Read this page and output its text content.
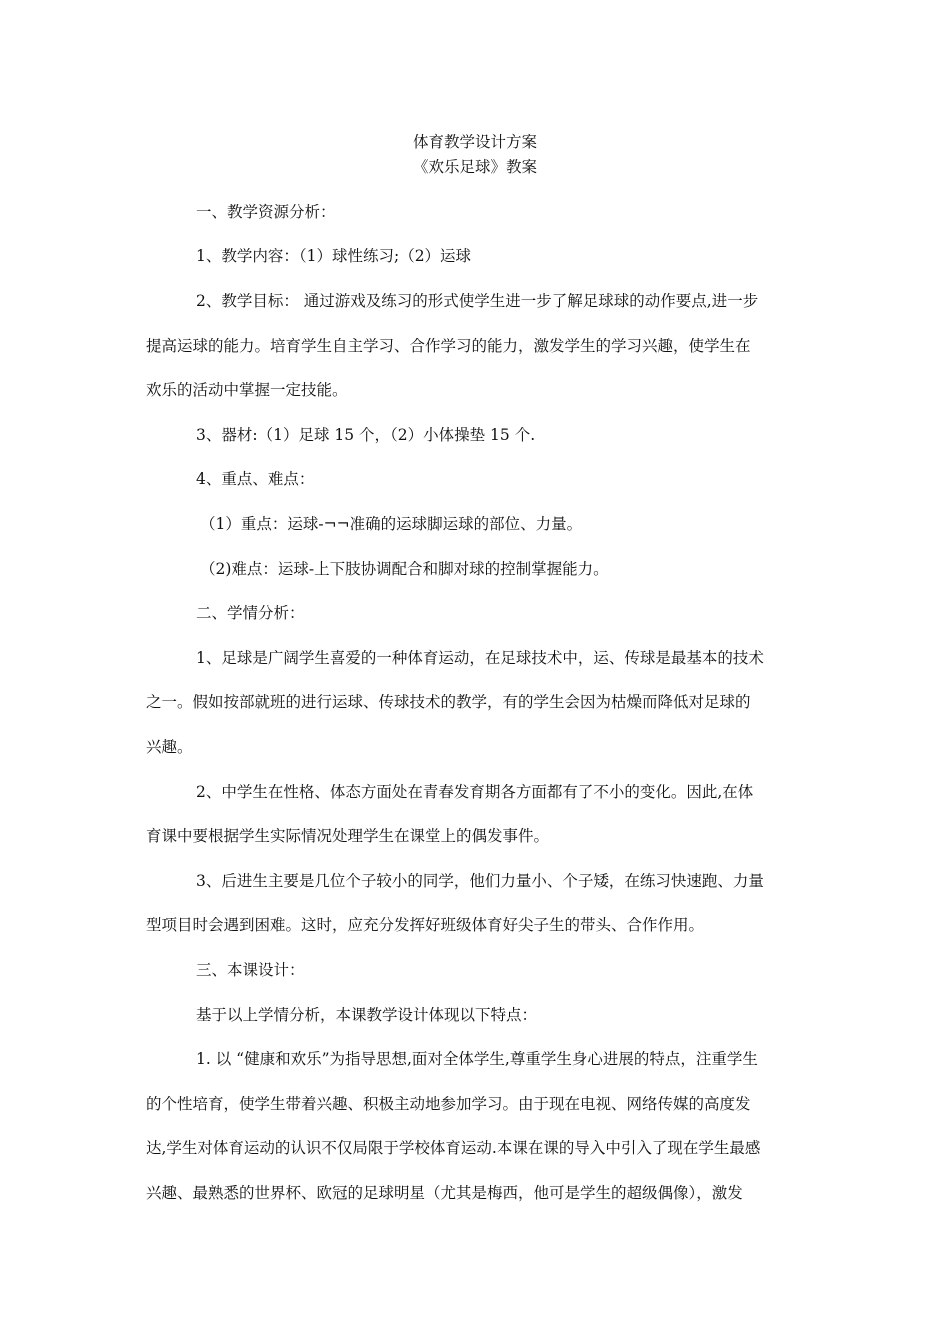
体育教学设计方案
《欢乐足球》教案
一、教学资源分析：
1、教学内容：（1）球性练习;（2）运球
2、教学目标： 通过游戏及练习的形式使学生进一步了解足球球的动作要点,进一步
提高运球的能力。培育学生自主学习、合作学习的能力，激发学生的学习兴趣，使学生在
欢乐的活动中掌握一定技能。
3、器材:（1）足球 15 个，（2）小体操垫 15 个.
4、重点、难点：
（1）重点：运球-¬¬准确的运球脚运球的部位、力量。
（2)难点：运球-上下肢协调配合和脚对球的控制掌握能力。
二、学情分析：
1、足球是广阔学生喜爱的一种体育运动，在足球技术中，运、传球是最基本的技术
之一。假如按部就班的进行运球、传球技术的教学，有的学生会因为枯燥而降低对足球的
兴趣。
2、中学生在性格、体态方面处在青春发育期各方面都有了不小的变化。因此,在体
育课中要根据学生实际情况处理学生在课堂上的偶发事件。
3、后进生主要是几位个子较小的同学，他们力量小、个子矮，在练习快速跑、力量
型项目时会遇到困难。这时，应充分发挥好班级体育好尖子生的带头、合作作用。
三、本课设计：
基于以上学情分析，本课教学设计体现以下特点：
1. 以 “健康和欢乐”为指导思想,面对全体学生,尊重学生身心进展的特点，注重学生
的个性培育，使学生带着兴趣、积极主动地参加学习。由于现在电视、网络传媒的高度发
达,学生对体育运动的认识不仅局限于学校体育运动.本课在课的导入中引入了现在学生最感
兴趣、最熟悉的世界杯、欧冠的足球明星（尤其是梅西，他可是学生的超级偶像），激发
